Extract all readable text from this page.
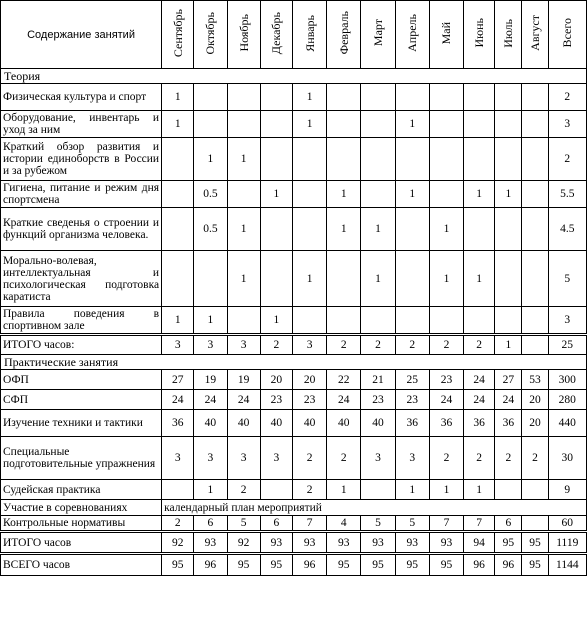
Содержание занятий	Сентябрь	Октябрь	Ноябрь	Декабрь	Январь	Февраль	Март	Апрель	Май	Июнь	Июль	Август	Всего
Теория													
Физическая культура и спорт	1				1								2
Оборудование, инвентарь и уход за ним	1				1			1					3
Краткий обзор развития и истории единоборств в России и за рубежом		1	1										2
Гигиена, питание и режим дня спортсмена		0.5		1		1		1		1	1		5.5
Краткие сведенья о строении и функций организма человека.		0.5	1			1	1		1				4.5
Морально-волевая, интеллектуальная и психологическая подготовка каратиста			1		1		1		1	1			5
Правила поведения в спортивном зале	1	1		1									3
ИТОГО часов:	3	3	3	2	3	2	2	2	2	2	1		25
Практические занятия													
ОФП	27	19	19	20	20	22	21	25	23	24	27	53	300
СФП	24	24	24	23	23	24	23	23	24	24	24	20	280
Изучение техники и тактики	36	40	40	40	40	40	40	36	36	36	36	20	440
Специальные подготовительные упражнения	3	3	3	3	2	2	3	3	2	2	2	2	30
Судейская практика		1	2		2	1		1	1	1			9
Участие в соревнованиях	календарный план мероприятий												
Контрольные нормативы	2	6	5	6	7	4	5	5	7	7	6		60
ИТОГО часов	92	93	92	93	93	93	93	93	93	94	95	95	1119
ВСЕГО часов	95	96	95	95	96	95	95	95	95	96	96	95	1144
